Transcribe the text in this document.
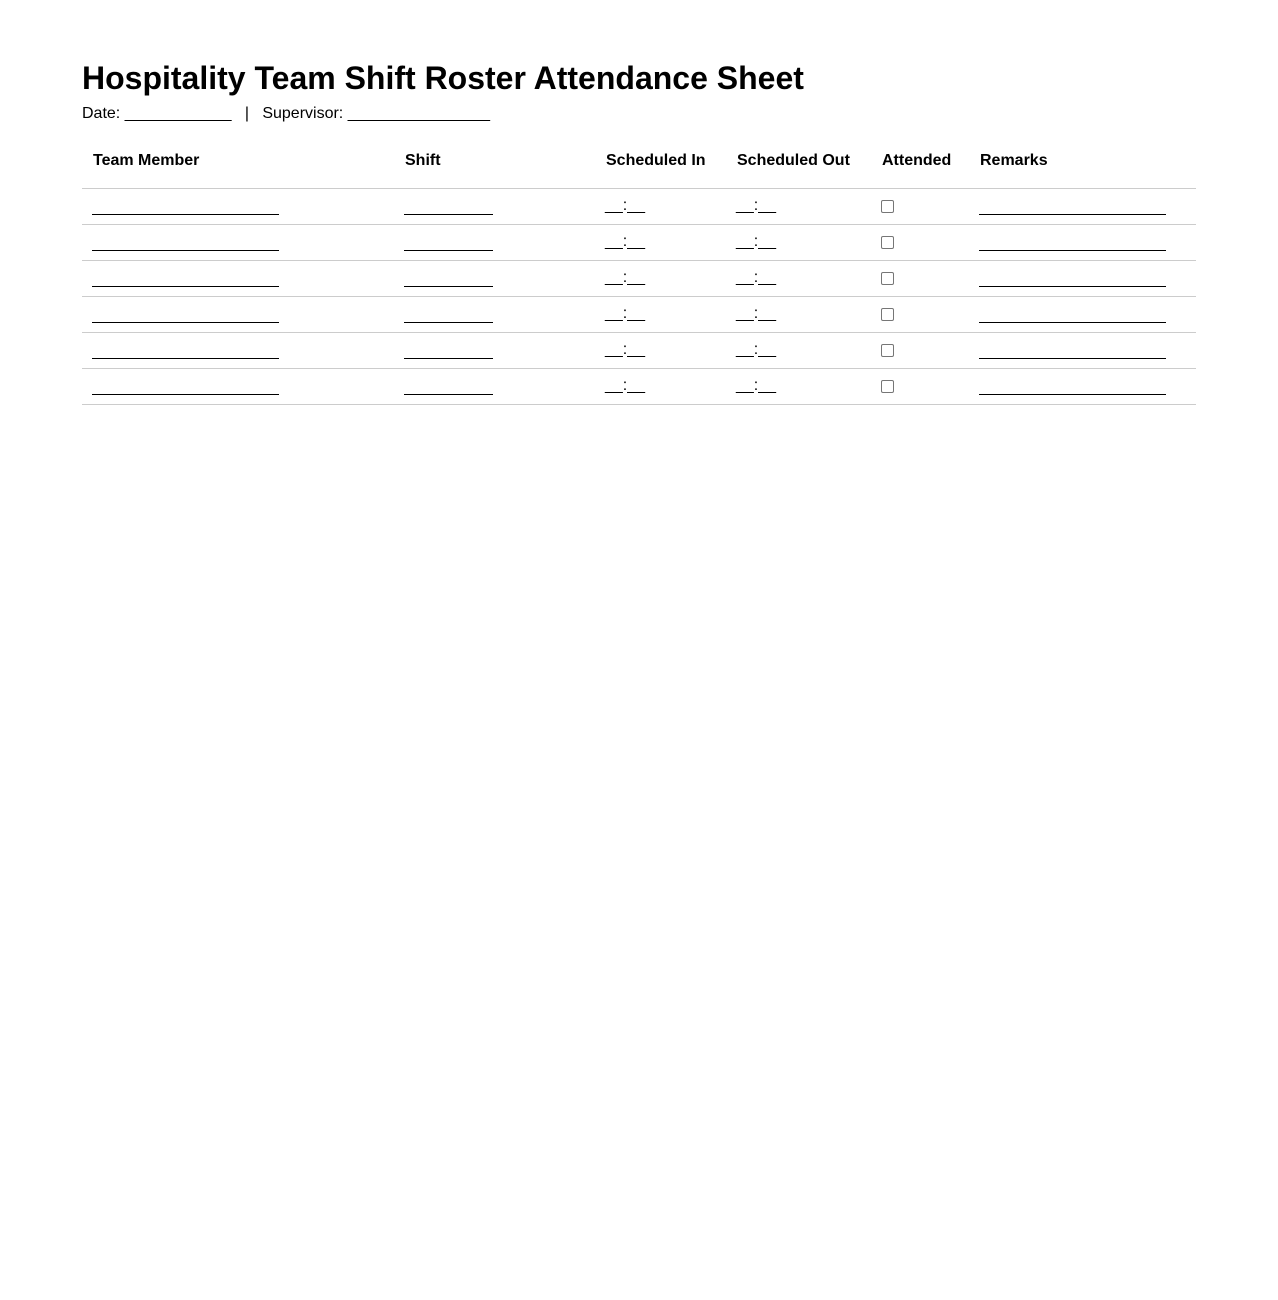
Hospitality Team Shift Roster Attendance Sheet
Date: ____________ | Supervisor: ________________
Team Member	Shift	Scheduled In	Scheduled Out	Attended	Remarks
		__:__	__:__		
		__:__	__:__		
		__:__	__:__		
		__:__	__:__		
		__:__	__:__		
		__:__	__:__		
